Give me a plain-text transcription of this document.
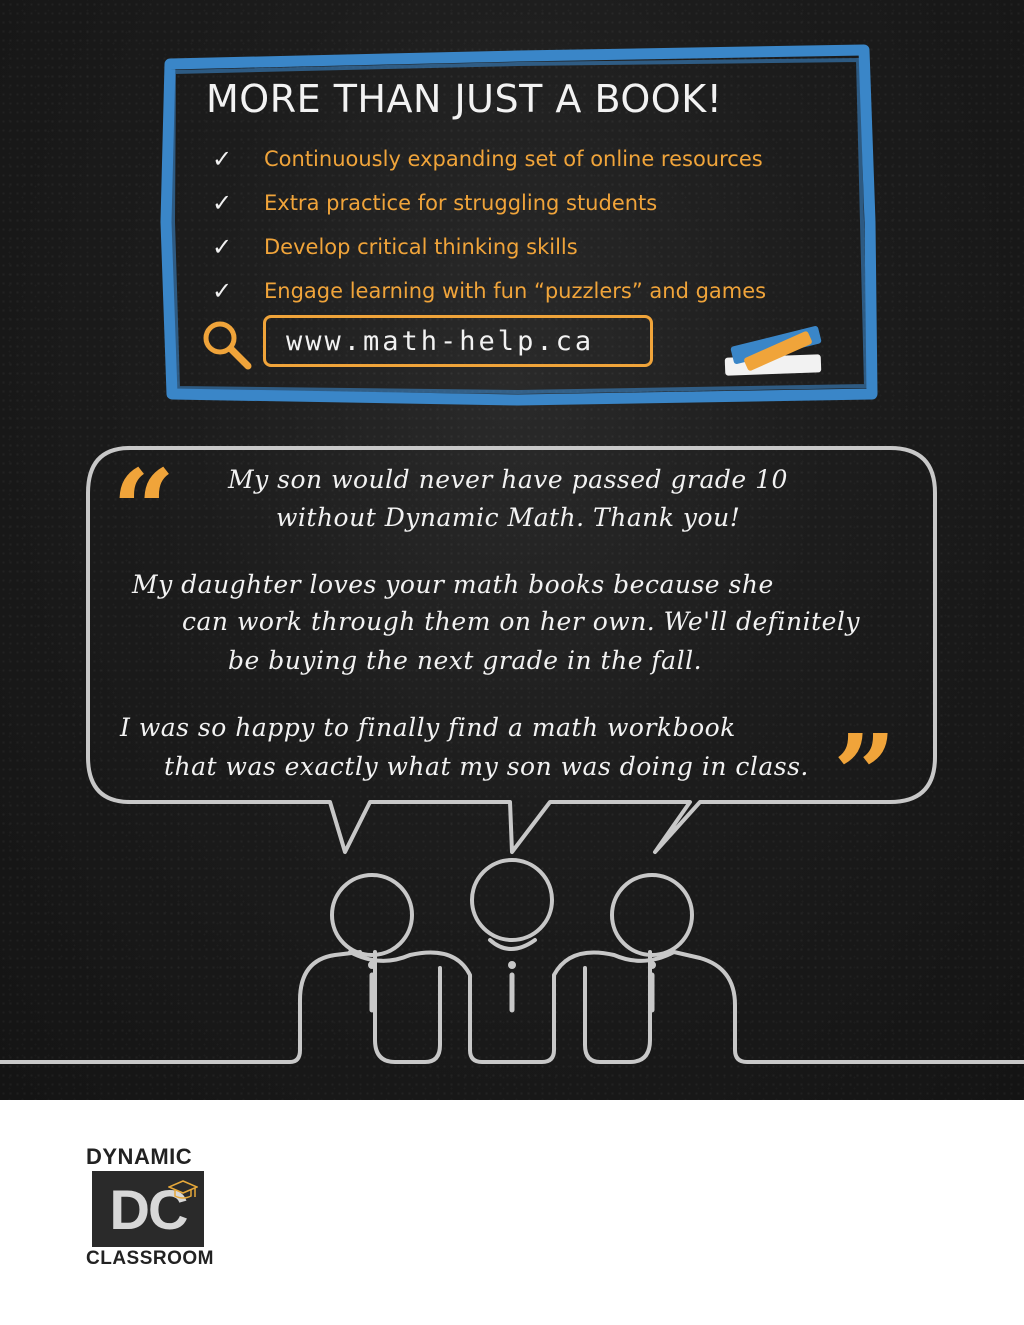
MORE THAN JUST A BOOK!
✓	Continuously expanding set of online resources
✓	Extra practice for struggling students
✓	Develop critical thinking skills
✓	Engage learning with fun “puzzlers” and games
www.math-help.ca
“
”
My son would never have passed grade 10
without Dynamic Math. Thank you!
My daughter loves your math books because she
can work through them on her own. We'll definitely
be buying the next grade in the fall.
I was so happy to finally find a math workbook
that was exactly what my son was doing in class.
DYNAMIC
DC
CLASSROOM
